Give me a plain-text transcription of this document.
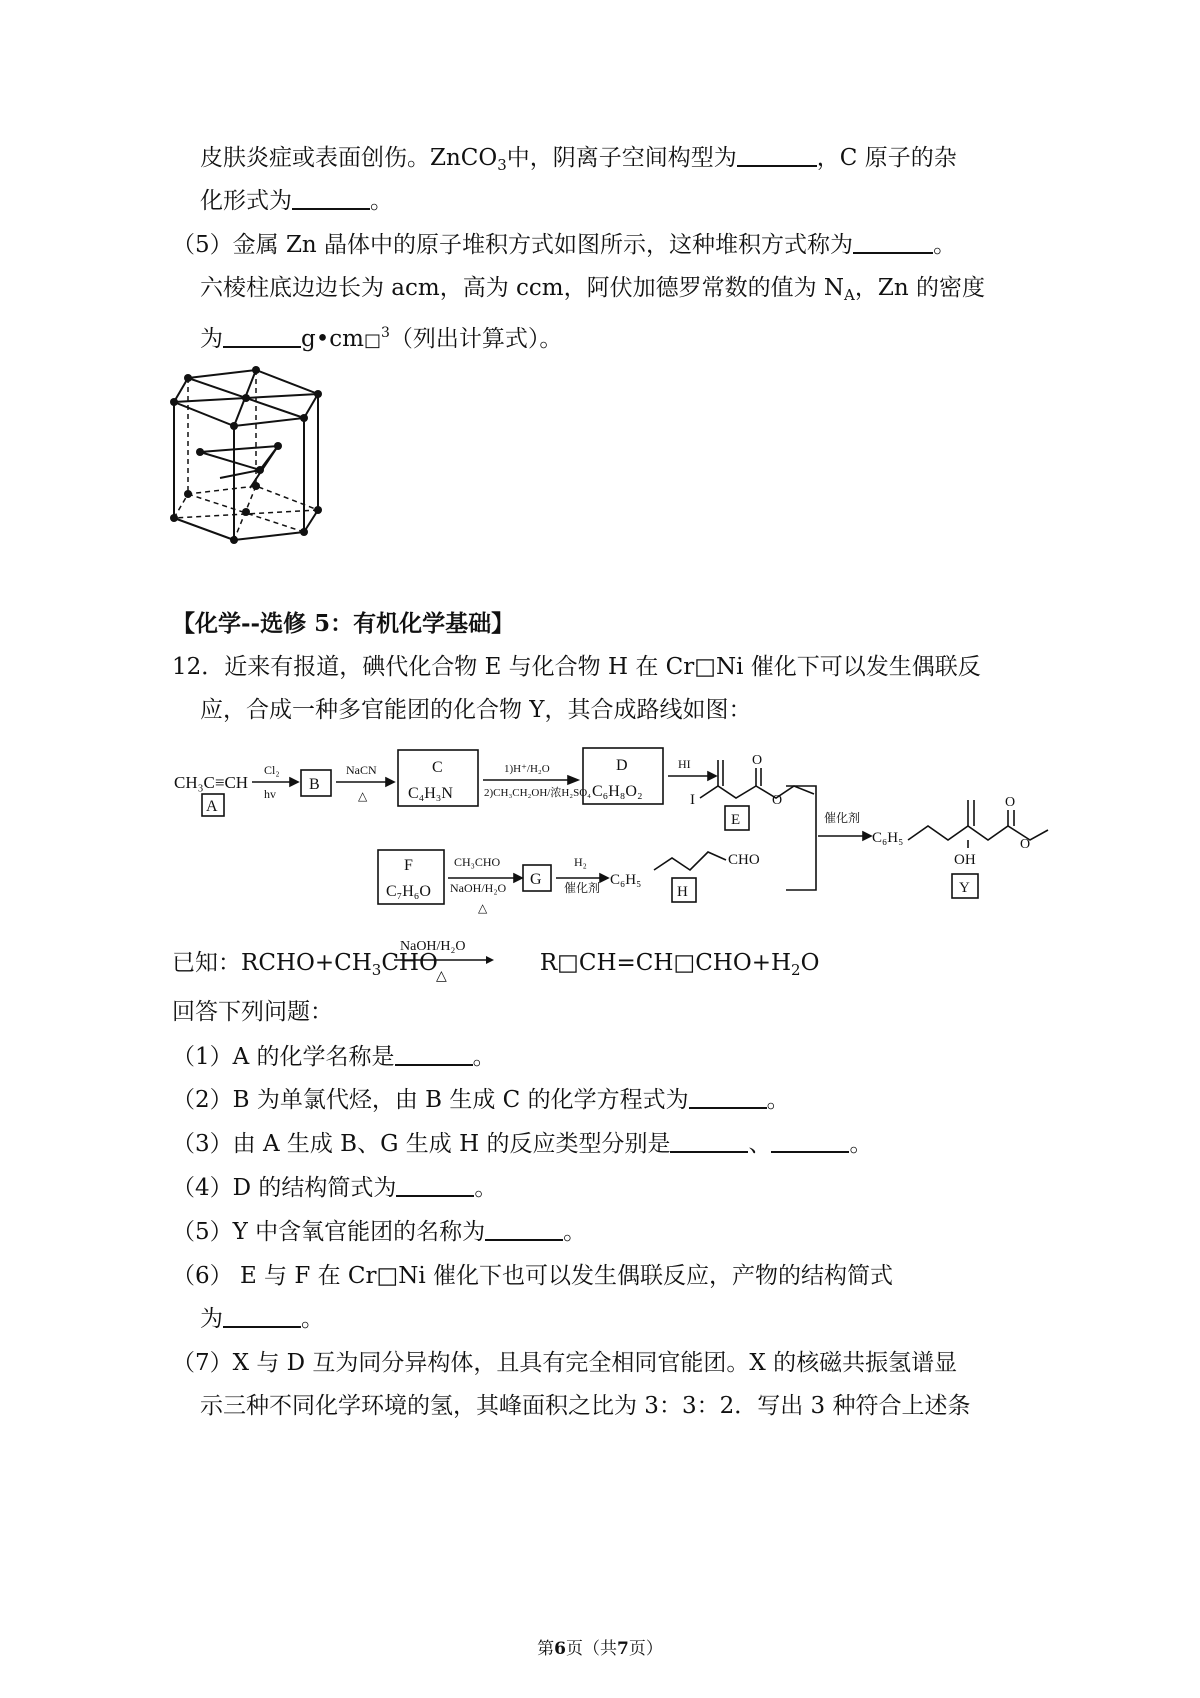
皮肤炎症或表面创伤。ZnCO$_3$中，阴离子空间构型为	，C 原子的杂
化形式为	。
（5）金属 Zn 晶体中的原子堆积方式如图所示，这种堆积方式称为	。
六棱柱底边边长为 acm，高为 ccm，阿伏加德罗常数的值为 $N_A$，Zn 的密度
为	g•cm□$^3$（列出计算式）。
【化学--选修 5：有机化学基础】
12．近来有报道，碘代化合物 E 与化合物 H 在 Cr□Ni 催化下可以发生偶联反
应，合成一种多官能团的化合物 Y，其合成路线如图：
CH₃C≡CH
A
Cl₂
hv
B
NaCN
△
C
C₄H₃N
1)H⁺/H₂O
2)CH₃CH₂OH/浓H₂SO₄
D
C₆H₈O₂
HI
I
O
O
E	催化剂
C₆H₅
O
O
OH
Y
F
C₇H₆O
CH₃CHO
NaOH/H₂O
△
G
H₂
催化剂 C₆H₅
CHO
H
已知：$RCHO+CH_3CHO$	$R□CH=CH□CHO+H_2O$
NaOH/H₂O
△
回答下列问题：
（1）A 的化学名称是	。
（2）B 为单氯代烃，由 B 生成 C 的化学方程式为	。
（3）由 A 生成 B、G 生成 H 的反应类型分别是	、	。
（4）D 的结构简式为	。
（5）Y 中含氧官能团的名称为	。
（6） E 与 F 在 Cr□Ni 催化下也可以发生偶联反应，产物的结构简式
为	。
（7）X 与 D 互为同分异构体，且具有完全相同官能团。X 的核磁共振氢谱显
示三种不同化学环境的氢，其峰面积之比为 3：3：2．写出 3 种符合上述条
第6页（共7页）
